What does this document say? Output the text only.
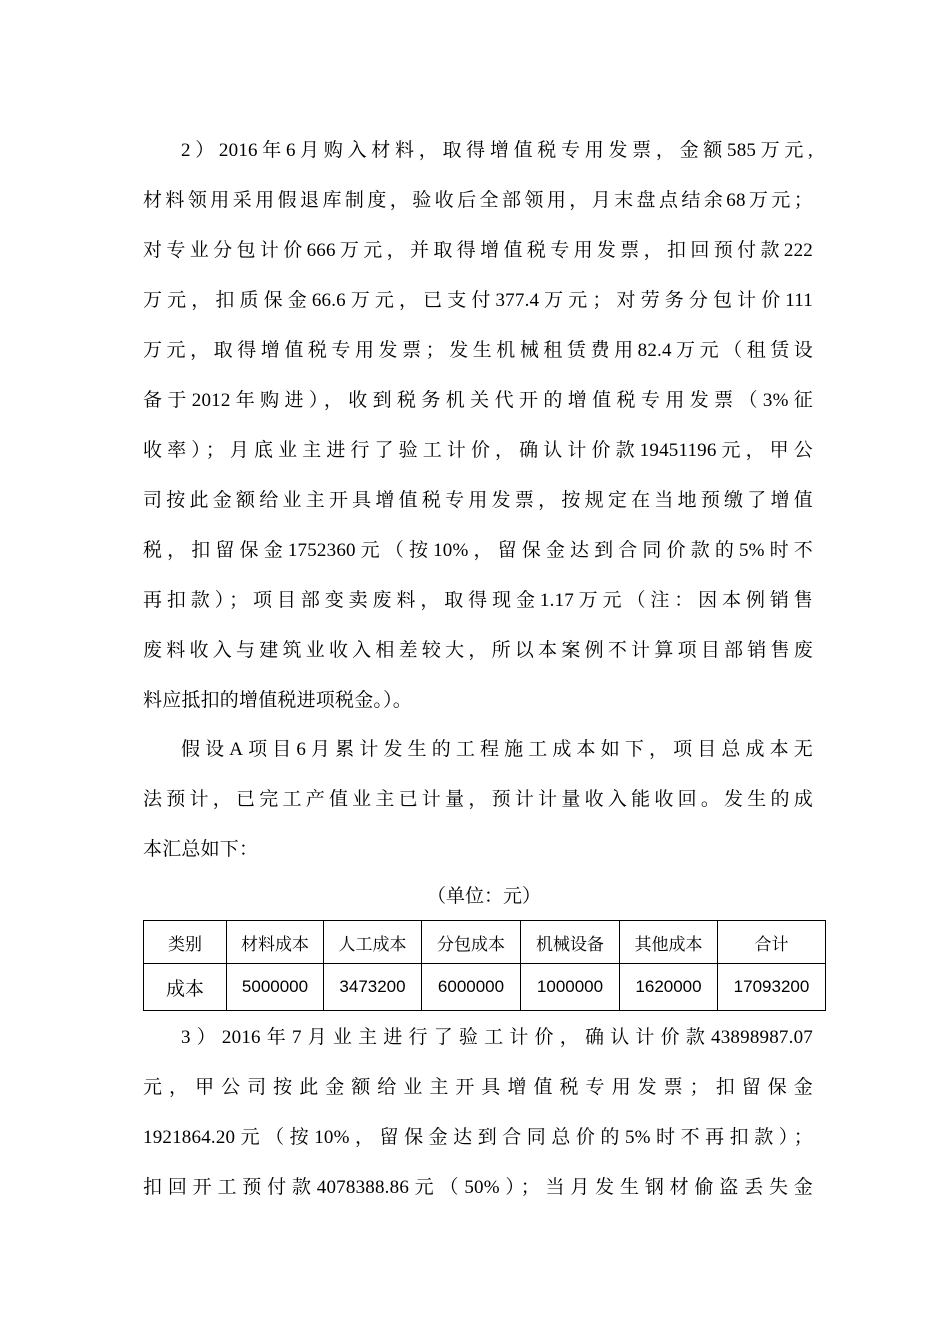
2）2016年6月购入材料，取得增值税专用发票，金额585万元,
材料领用采用假退库制度，验收后全部领用，月末盘点结余68万元；
对专业分包计价666万元，并取得增值税专用发票，扣回预付款222
万元，扣质保金66.6万元，已支付377.4万元；对劳务分包计价111
万元，取得增值税专用发票；发生机械租赁费用82.4万元（租赁设
备于2012年购进），收到税务机关代开的增值税专用发票（3%征
收率）；月底业主进行了验工计价，确认计价款19451196元，甲公
司按此金额给业主开具增值税专用发票，按规定在当地预缴了增值
税，扣留保金1752360元（按10%，留保金达到合同价款的5%时不
再扣款）；项目部变卖废料，取得现金1.17万元（注：因本例销售
废料收入与建筑业收入相差较大，所以本案例不计算项目部销售废
料应抵扣的增值税进项税金。）。
假设A项目6月累计发生的工程施工成本如下，项目总成本无
法预计，已完工产值业主已计量，预计计量收入能收回。发生的成
本汇总如下：
（单位：元）
类别	材料成本	人工成本	分包成本	机械设备	其他成本	合计
成本	5000000	3473200	6000000	1000000	1620000	17093200
3）2016年7月业主进行了验工计价，确认计价款43898987.07
元，甲公司按此金额给业主开具增值税专用发票；扣留保金
1921864.20元（按10%，留保金达到合同总价的5%时不再扣款）；
扣回开工预付款4078388.86元（50%）；当月发生钢材偷盗丢失金
